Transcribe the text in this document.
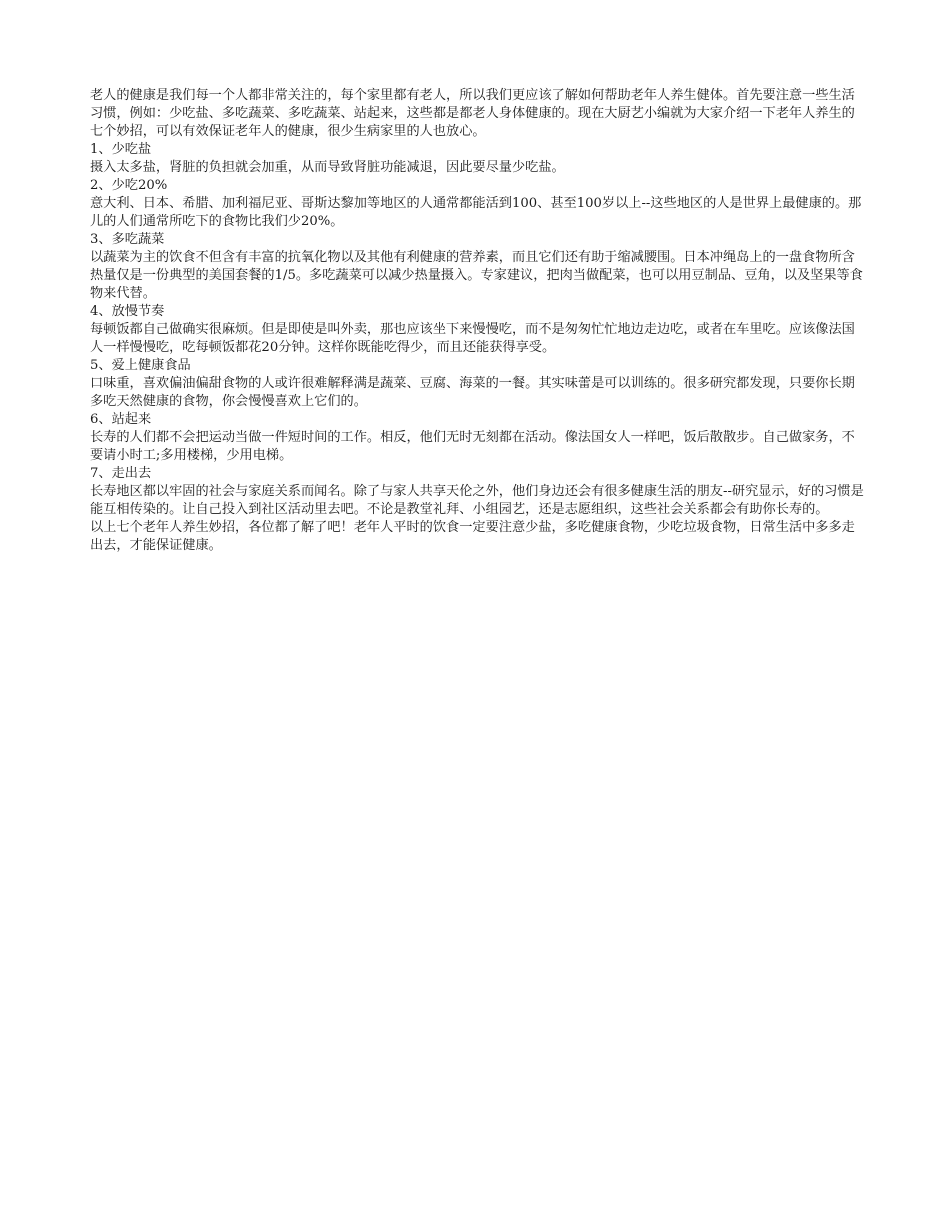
老人的健康是我们每一个人都非常关注的，每个家里都有老人，所以我们更应该了解如何帮助老年人养生健体。首先要注意一些生活习惯，例如：少吃盐、多吃蔬菜、多吃蔬菜、站起来，这些都是都老人身体健康的。现在大厨艺小编就为大家介绍一下老年人养生的七个妙招，可以有效保证老年人的健康，很少生病家里的人也放心。

1、少吃盐

摄入太多盐，肾脏的负担就会加重，从而导致肾脏功能减退，因此要尽量少吃盐。

2、少吃20%

意大利、日本、希腊、加利福尼亚、哥斯达黎加等地区的人通常都能活到100、甚至100岁以上--这些地区的人是世界上最健康的。那儿的人们通常所吃下的食物比我们少20%。

3、多吃蔬菜

以蔬菜为主的饮食不但含有丰富的抗氧化物以及其他有利健康的营养素，而且它们还有助于缩减腰围。日本冲绳岛上的一盘食物所含热量仅是一份典型的美国套餐的1/5。多吃蔬菜可以减少热量摄入。专家建议，把肉当做配菜，也可以用豆制品、豆角，以及坚果等食物来代替。

4、放慢节奏

每顿饭都自己做确实很麻烦。但是即使是叫外卖，那也应该坐下来慢慢吃，而不是匆匆忙忙地边走边吃，或者在车里吃。应该像法国人一样慢慢吃，吃每顿饭都花20分钟。这样你既能吃得少，而且还能获得享受。

5、爱上健康食品

口味重，喜欢偏油偏甜食物的人或许很难解释满是蔬菜、豆腐、海菜的一餐。其实味蕾是可以训练的。很多研究都发现，只要你长期多吃天然健康的食物，你会慢慢喜欢上它们的。

6、站起来

长寿的人们都不会把运动当做一件短时间的工作。相反，他们无时无刻都在活动。像法国女人一样吧，饭后散散步。自己做家务，不要请小时工;多用楼梯，少用电梯。

7、走出去

长寿地区都以牢固的社会与家庭关系而闻名。除了与家人共享天伦之外，他们身边还会有很多健康生活的朋友--研究显示，好的习惯是能互相传染的。让自己投入到社区活动里去吧。不论是教堂礼拜、小组园艺，还是志愿组织，这些社会关系都会有助你长寿的。

以上七个老年人养生妙招，各位都了解了吧！老年人平时的饮食一定要注意少盐，多吃健康食物，少吃垃圾食物，日常生活中多多走出去，才能保证健康。
